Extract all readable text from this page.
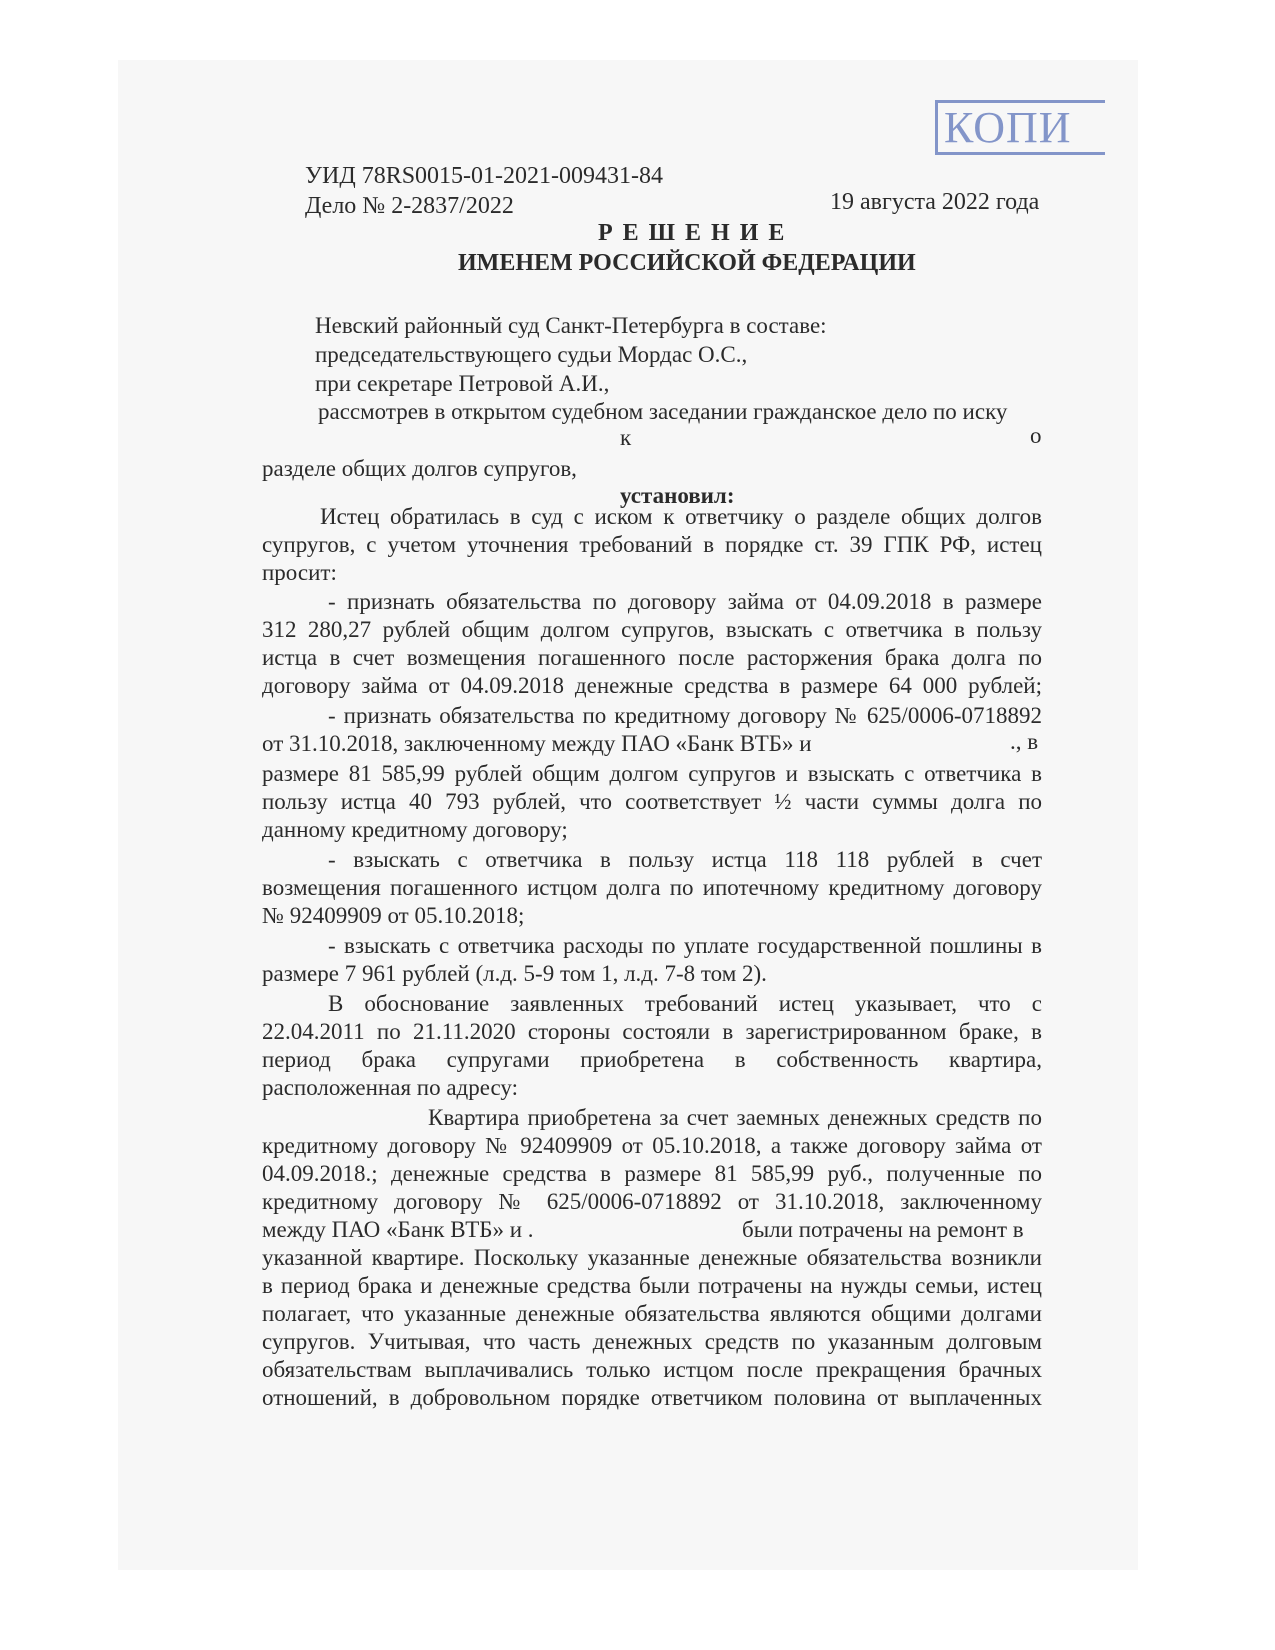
КОПИ
УИД 78RS0015-01-2021-009431-84
Дело № 2-2837/2022	19 августа 2022 года
Р Е Ш Е Н И Е
ИМЕНЕМ РОССИЙСКОЙ ФЕДЕРАЦИИ
Невский районный суд Санкт-Петербурга в составе:
председательствующего судьи Мордас О.С.,
при секретаре Петровой А.И.,
рассмотрев в открытом судебном заседании гражданское дело по иску
к	о
разделе общих долгов супругов,
установил:
Истец обратилась в суд с иском к ответчику о разделе общих долгов
супругов, с учетом уточнения требований в порядке ст. 39 ГПК РФ, истец
просит:
- признать обязательства по договору займа от 04.09.2018 в размере
312 280,27 рублей общим долгом супругов, взыскать с ответчика в пользу
истца в счет возмещения погашенного после расторжения брака долга по
договору займа от 04.09.2018 денежные средства в размере 64 000 рублей;
- признать обязательства по кредитному договору № 625/0006-0718892
от 31.10.2018, заключенному между ПАО «Банк ВТБ» и	., в
размере 81 585,99 рублей общим долгом супругов и взыскать с ответчика в
пользу истца 40 793 рублей, что соответствует ½ части суммы долга по
данному кредитному договору;
- взыскать с ответчика в пользу истца 118 118 рублей в счет
возмещения погашенного истцом долга по ипотечному кредитному договору
№ 92409909 от 05.10.2018;
- взыскать с ответчика расходы по уплате государственной пошлины в
размере 7 961 рублей (л.д. 5-9 том 1, л.д. 7-8 том 2).
В обоснование заявленных требований истец указывает, что с
22.04.2011 по 21.11.2020 стороны состояли в зарегистрированном браке, в
период брака супругами приобретена в собственность квартира,
расположенная по адресу:
Квартира приобретена за счет заемных денежных средств по
кредитному договору № 92409909 от 05.10.2018, а также договору займа от
04.09.2018.; денежные средства в размере 81 585,99 руб., полученные по
кредитному договору № 625/0006-0718892 от 31.10.2018, заключенному
между ПАО «Банк ВТБ» и .	были потрачены на ремонт в
указанной квартире. Поскольку указанные денежные обязательства возникли
в период брака и денежные средства были потрачены на нужды семьи, истец
полагает, что указанные денежные обязательства являются общими долгами
супругов. Учитывая, что часть денежных средств по указанным долговым
обязательствам выплачивались только истцом после прекращения брачных
отношений, в добровольном порядке ответчиком половина от выплаченных
